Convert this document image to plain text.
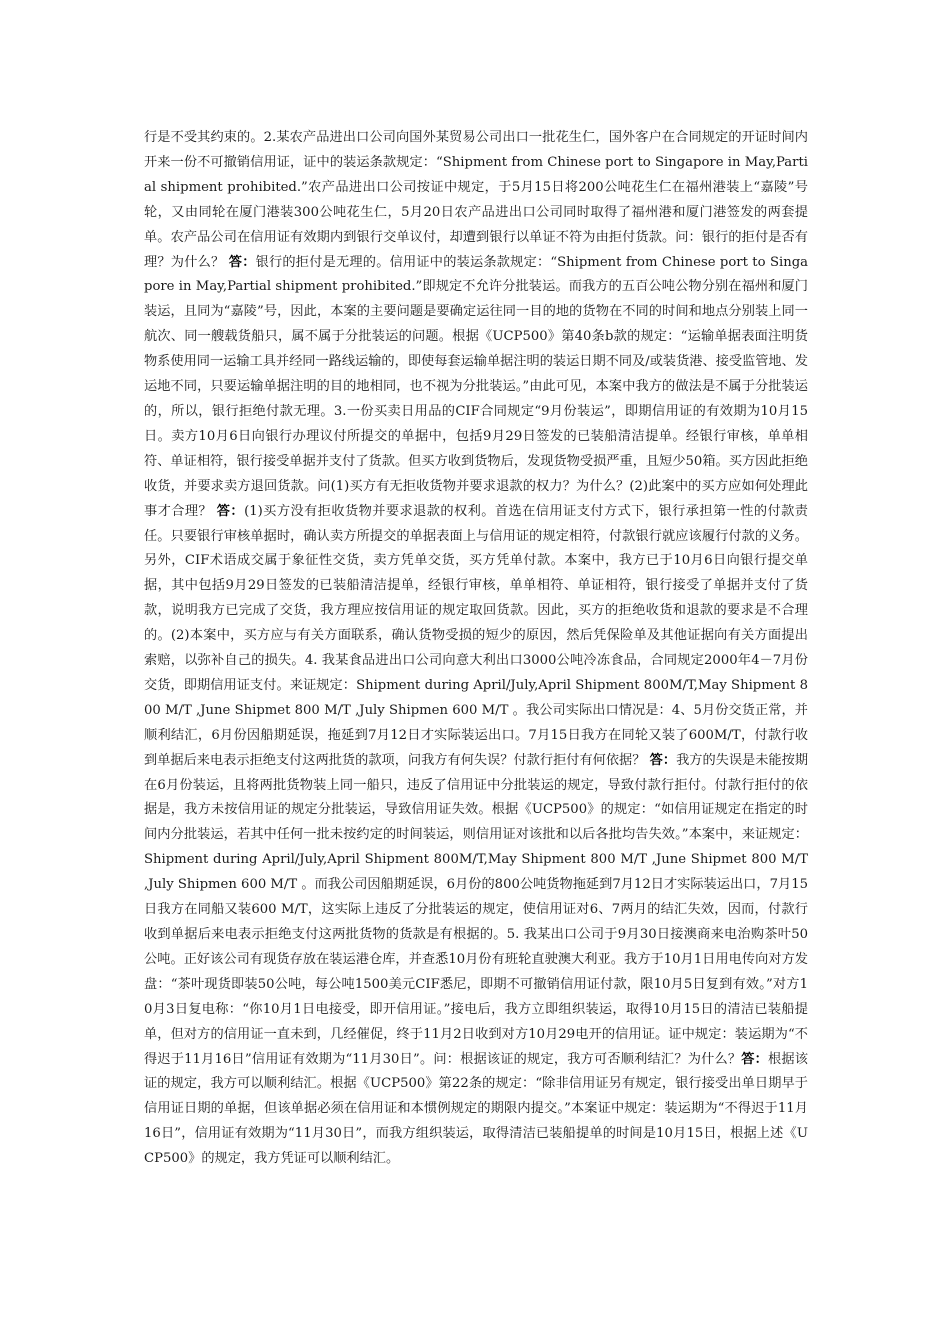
行是不受其约束的。2.某农产品进出口公司向国外某贸易公司出口一批花生仁，国外客户在合同规定的开证时间内开来一份不可撤销信用证，证中的装运条款规定：“Shipment from Chinese port to Singapore in May,Partial shipment prohibited.”农产品进出口公司按证中规定，于5月15日将200公吨花生仁在福州港装上“嘉陵”号轮，又由同轮在厦门港装300公吨花生仁，5月20日农产品进出口公司同时取得了福州港和厦门港签发的两套提单。农产品公司在信用证有效期内到银行交单议付，却遭到银行以单证不符为由拒付货款。问：银行的拒付是否有理？为什么？ 答：银行的拒付是无理的。信用证中的装运条款规定：“Shipment from Chinese port to Singapore in May,Partial shipment prohibited.”即规定不允许分批装运。而我方的五百公吨公物分别在福州和厦门装运，且同为“嘉陵”号，因此，本案的主要问题是要确定运往同一目的地的货物在不同的时间和地点分别装上同一航次、同一艘载货船只，属不属于分批装运的问题。根据《UCP500》第40条b款的规定：“运输单据表面注明货物系使用同一运输工具并经同一路线运输的，即使每套运输单据注明的装运日期不同及/或装货港、接受监管地、发运地不同，只要运输单据注明的目的地相同，也不视为分批装运。”由此可见，本案中我方的做法是不属于分批装运的，所以，银行拒绝付款无理。3.一份买卖日用品的CIF合同规定“9月份装运”，即期信用证的有效期为10月15日。卖方10月6日向银行办理议付所提交的单据中，包括9月29日签发的已装船清洁提单。经银行审核，单单相符、单证相符，银行接受单据并支付了货款。但买方收到货物后，发现货物受损严重，且短少50箱。买方因此拒绝收货，并要求卖方退回货款。问(1)买方有无拒收货物并要求退款的权力？为什么？(2)此案中的买方应如何处理此事才合理？ 答：(1)买方没有拒收货物并要求退款的权利。首选在信用证支付方式下，银行承担第一性的付款责任。只要银行审核单据时，确认卖方所提交的单据表面上与信用证的规定相符，付款银行就应该履行付款的义务。另外，CIF术语成交属于象征性交货，卖方凭单交货，买方凭单付款。本案中，我方已于10月6日向银行提交单据，其中包括9月29日签发的已装船清洁提单，经银行审核，单单相符、单证相符，银行接受了单据并支付了货款，说明我方已完成了交货，我方理应按信用证的规定取回货款。因此，买方的拒绝收货和退款的要求是不合理的。(2)本案中，买方应与有关方面联系，确认货物受损的短少的原因，然后凭保险单及其他证据向有关方面提出索赔，以弥补自己的损失。4. 我某食品进出口公司向意大利出口3000公吨冷冻食品，合同规定2000年4－7月份交货，即期信用证支付。来证规定：Shipment during April/July,April Shipment 800M/T,May Shipment 800 M/T ,June Shipmet 800 M/T ,July Shipmen 600 M/T 。我公司实际出口情况是：4、5月份交货正常，并顺利结汇，6月份因船期延误，拖延到7月12日才实际装运出口。7月15日我方在同轮又装了600M/T，付款行收到单据后来电表示拒绝支付这两批货的款项，问我方有何失误？付款行拒付有何依据？ 答：我方的失误是未能按期在6月份装运，且将两批货物装上同一船只，违反了信用证中分批装运的规定，导致付款行拒付。付款行拒付的依据是，我方未按信用证的规定分批装运，导致信用证失效。根据《UCP500》的规定：“如信用证规定在指定的时间内分批装运，若其中任何一批未按约定的时间装运，则信用证对该批和以后各批均告失效。”本案中，来证规定：Shipment during April/July,April Shipment 800M/T,May Shipment 800 M/T ,June Shipmet 800 M/T ,July Shipmen 600 M/T 。而我公司因船期延误，6月份的800公吨货物拖延到7月12日才实际装运出口，7月15日我方在同船又装600 M/T，这实际上违反了分批装运的规定，使信用证对6、7两月的结汇失效，因而，付款行收到单据后来电表示拒绝支付这两批货物的货款是有根据的。5. 我某出口公司于9月30日接澳商来电治购茶叶50公吨。正好该公司有现货存放在装运港仓库，并查悉10月份有班轮直驶澳大利亚。我方于10月1日用电传向对方发盘：“茶叶现货即装50公吨，每公吨1500美元CIF悉尼，即期不可撤销信用证付款，限10月5日复到有效。”对方10月3日复电称：“你10月1日电接受，即开信用证。”接电后，我方立即组织装运，取得10月15日的清洁已装船提单，但对方的信用证一直未到，几经催促，终于11月2日收到对方10月29电开的信用证。证中规定：装运期为“不得迟于11月16日”信用证有效期为“11月30日”。问：根据该证的规定，我方可否顺利结汇？为什么？答：根据该证的规定，我方可以顺利结汇。根据《UCP500》第22条的规定：“除非信用证另有规定，银行接受出单日期早于信用证日期的单据，但该单据必须在信用证和本惯例规定的期限内提交。”本案证中规定：装运期为“不得迟于11月16日”，信用证有效期为“11月30日”，而我方组织装运，取得清洁已装船提单的时间是10月15日，根据上述《UCP500》的规定，我方凭证可以顺利结汇。
